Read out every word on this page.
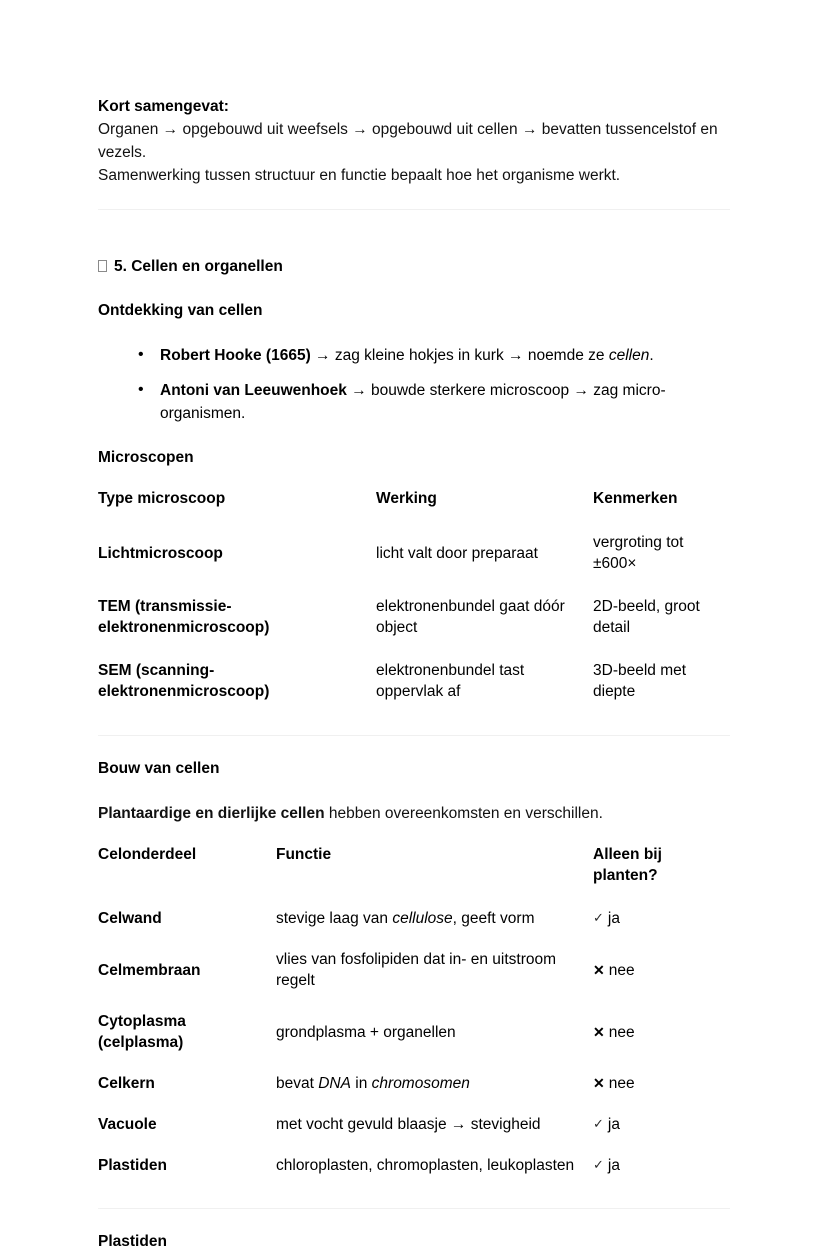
Kort samengevat:

Organen → opgebouwd uit weefsels → opgebouwd uit cellen → bevatten tussencelstof en vezels.

Samenwerking tussen structuur en functie bepaalt hoe het organisme werkt.

5. Cellen en organellen
Ontdekking van cellen
• Robert Hooke (1665) → zag kleine hokjes in kurk → noemde ze cellen.
• Antoni van Leeuwenhoek → bouwde sterkere microscoop → zag micro-organismen.
Microscopen
Type microscoop	Werking	Kenmerken
Lichtmicroscoop	licht valt door preparaat	vergroting tot ±600×
TEM (transmissie-elektronenmicroscoop)	elektronenbundel gaat dóór object	2D-beeld, groot detail
SEM (scanning-elektronenmicroscoop)	elektronenbundel tast oppervlak af	3D-beeld met diepte
Bouw van cellen

Plantaardige en dierlijke cellen hebben overeenkomsten en verschillen.

Celonderdeel	Functie	Alleen bij planten?
Celwand	stevige laag van cellulose, geeft vorm	✓ ja
Celmembraan	vlies van fosfolipiden dat in- en uitstroom regelt	✕ nee
Cytoplasma (celplasma)	grondplasma + organellen	✕ nee
Celkern	bevat DNA in chromosomen	✕ nee
Vacuole	met vocht gevuld blaasje → stevigheid	✓ ja
Plastiden	chloroplasten, chromoplasten, leukoplasten	✓ ja
Plastiden
